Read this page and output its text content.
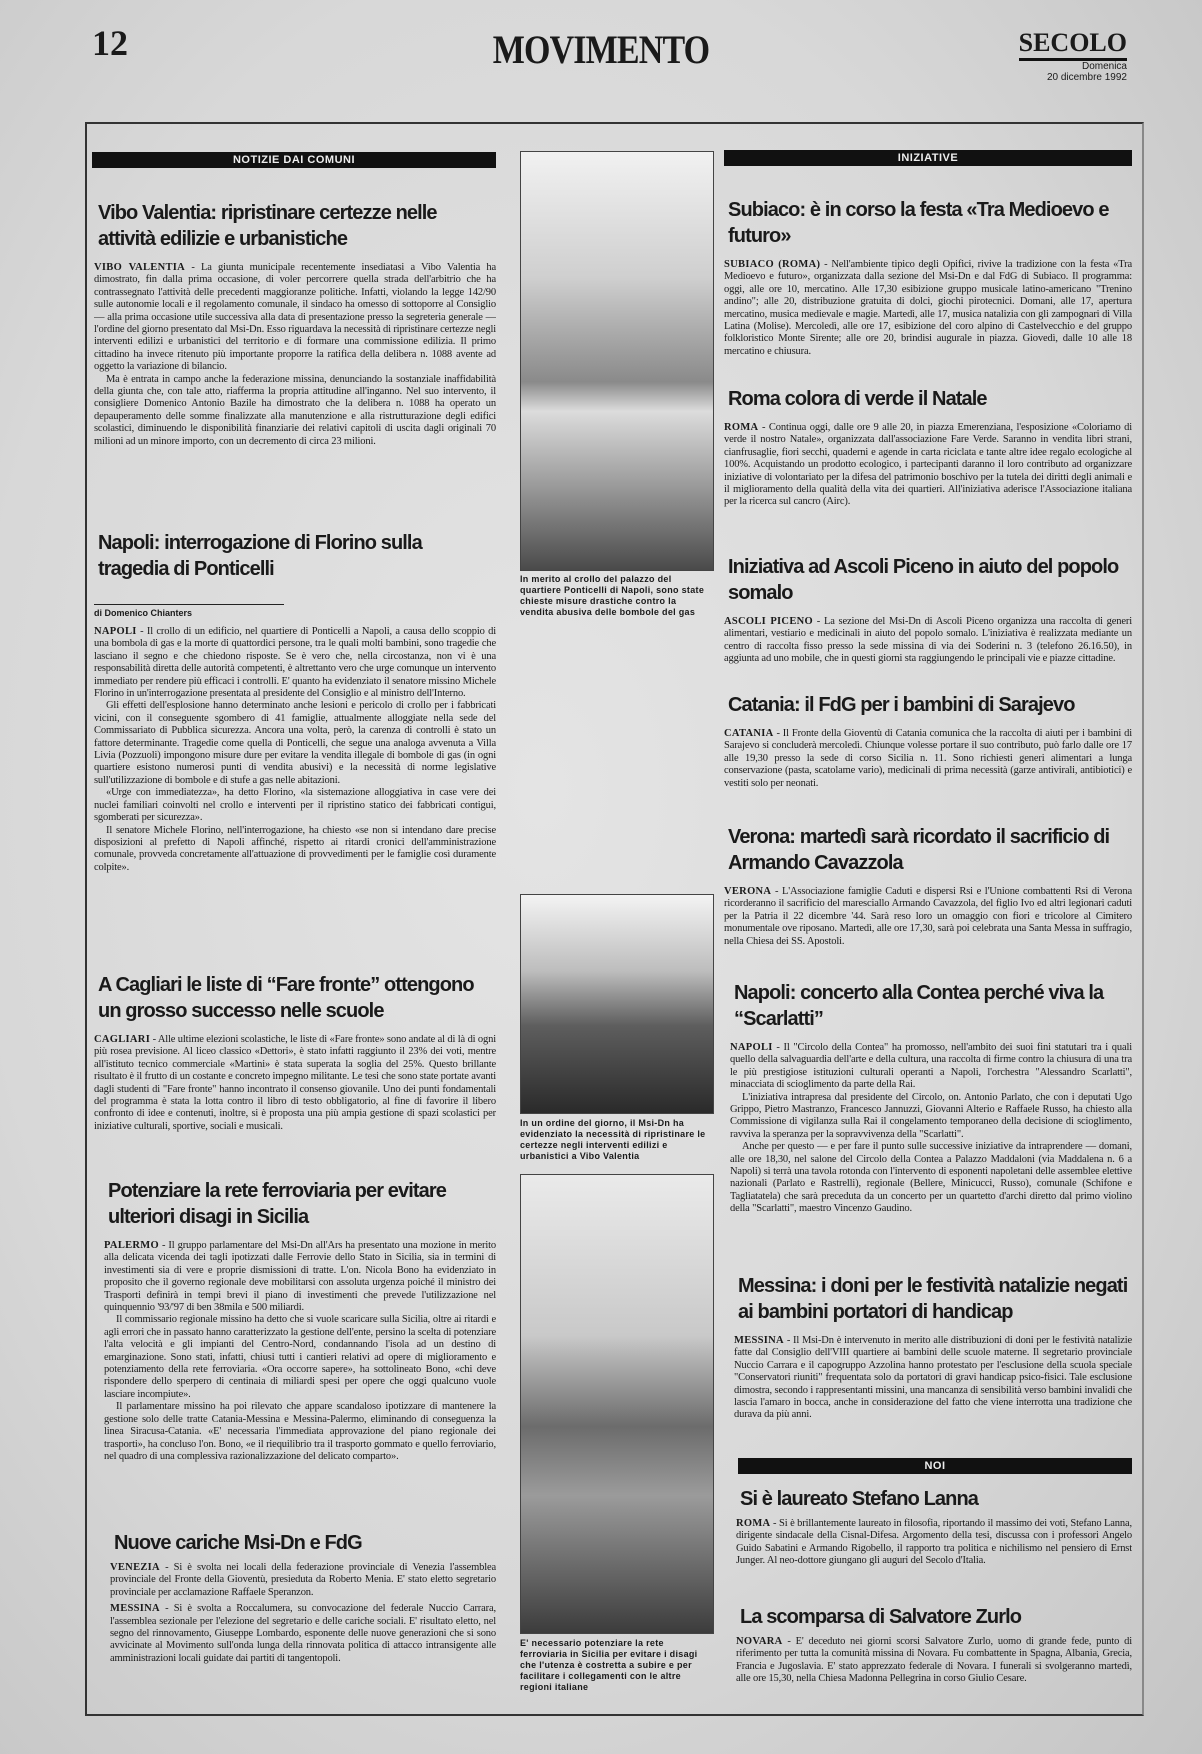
12	MOVIMENTO	SECOLO
Domenica
20 dicembre 1992
NOTIZIE DAI COMUNI
Vibo Valentia: ripristinare certezze nelle attività edilizie e urbanistiche

VIBO VALENTIA - La giunta municipale recentemente insediatasi a Vibo Valentia ha dimostrato, fin dalla prima occasione, di voler percorrere quella strada dell'arbitrio che ha contrassegnato l'attività delle precedenti maggioranze politiche. Infatti, violando la legge 142/90 sulle autonomie locali e il regolamento comunale, il sindaco ha omesso di sottoporre al Consiglio — alla prima occasione utile successiva alla data di presentazione presso la segreteria generale — l'ordine del giorno presentato dal Msi-Dn. Esso riguardava la necessità di ripristinare certezze negli interventi edilizi e urbanistici del territorio e di formare una commissione edilizia. Il primo cittadino ha invece ritenuto più importante proporre la ratifica della delibera n. 1088 avente ad oggetto la variazione di bilancio.

Ma è entrata in campo anche la federazione missina, denunciando la sostanziale inaffidabilità della giunta che, con tale atto, riafferma la propria attitudine all'inganno. Nel suo intervento, il consigliere Domenico Antonio Bazile ha dimostrato che la delibera n. 1088 ha operato un depauperamento delle somme finalizzate alla manutenzione e alla ristrutturazione degli edifici scolastici, diminuendo le disponibilità finanziarie dei relativi capitoli di uscita dagli originali 70 milioni ad un minore importo, con un decremento di circa 23 milioni.

Napoli: interrogazione di Florino sulla tragedia di Ponticelli
di Domenico Chianters

NAPOLI - Il crollo di un edificio, nel quartiere di Ponticelli a Napoli, a causa dello scoppio di una bombola di gas e la morte di quattordici persone, tra le quali molti bambini, sono tragedie che lasciano il segno e che chiedono risposte. Se è vero che, nella circostanza, non vi è una responsabilità diretta delle autorità competenti, è altrettanto vero che urge comunque un intervento immediato per rendere più efficaci i controlli. E' quanto ha evidenziato il senatore missino Michele Florino in un'interrogazione presentata al presidente del Consiglio e al ministro dell'Interno.

Gli effetti dell'esplosione hanno determinato anche lesioni e pericolo di crollo per i fabbricati vicini, con il conseguente sgombero di 41 famiglie, attualmente alloggiate nella sede del Commissariato di Pubblica sicurezza. Ancora una volta, però, la carenza di controlli è stato un fattore determinante. Tragedie come quella di Ponticelli, che segue una analoga avvenuta a Villa Livia (Pozzuoli) impongono misure dure per evitare la vendita illegale di bombole di gas (in ogni quartiere esistono numerosi punti di vendita abusivi) e la necessità di norme legislative sull'utilizzazione di bombole e di stufe a gas nelle abitazioni.

«Urge con immediatezza», ha detto Florino, «la sistemazione alloggiativa in case vere dei nuclei familiari coinvolti nel crollo e interventi per il ripristino statico dei fabbricati contigui, sgomberati per sicurezza».

Il senatore Michele Florino, nell'interrogazione, ha chiesto «se non si intendano dare precise disposizioni al prefetto di Napoli affinché, rispetto ai ritardi cronici dell'amministrazione comunale, provveda concretamente all'attuazione di provvedimenti per le famiglie così duramente colpite».

A Cagliari le liste di “Fare fronte” ottengono un grosso successo nelle scuole

CAGLIARI - Alle ultime elezioni scolastiche, le liste di «Fare fronte» sono andate al di là di ogni più rosea previsione. Al liceo classico «Dettori», è stato infatti raggiunto il 23% dei voti, mentre all'istituto tecnico commerciale «Martini» è stata superata la soglia del 25%. Questo brillante risultato è il frutto di un costante e concreto impegno militante. Le tesi che sono state portate avanti dagli studenti di "Fare fronte" hanno incontrato il consenso giovanile. Uno dei punti fondamentali del programma è stata la lotta contro il libro di testo obbligatorio, al fine di favorire il libero confronto di idee e contenuti, inoltre, si è proposta una più ampia gestione di spazi scolastici per iniziative culturali, sportive, sociali e musicali.

Potenziare la rete ferroviaria per evitare ulteriori disagi in Sicilia

PALERMO - Il gruppo parlamentare del Msi-Dn all'Ars ha presentato una mozione in merito alla delicata vicenda dei tagli ipotizzati dalle Ferrovie dello Stato in Sicilia, sia in termini di investimenti sia di vere e proprie dismissioni di tratte. L'on. Nicola Bono ha evidenziato in proposito che il governo regionale deve mobilitarsi con assoluta urgenza poiché il ministro dei Trasporti definirà in tempi brevi il piano di investimenti che prevede l'utilizzazione nel quinquennio '93/'97 di ben 38mila e 500 miliardi.

Il commissario regionale missino ha detto che si vuole scaricare sulla Sicilia, oltre ai ritardi e agli errori che in passato hanno caratterizzato la gestione dell'ente, persino la scelta di potenziare l'alta velocità e gli impianti del Centro-Nord, condannando l'isola ad un destino di emarginazione. Sono stati, infatti, chiusi tutti i cantieri relativi ad opere di miglioramento e potenziamento della rete ferroviaria. «Ora occorre sapere», ha sottolineato Bono, «chi deve rispondere dello sperpero di centinaia di miliardi spesi per opere che oggi qualcuno vuole lasciare incompiute».

Il parlamentare missino ha poi rilevato che appare scandaloso ipotizzare di mantenere la gestione solo delle tratte Catania-Messina e Messina-Palermo, eliminando di conseguenza la linea Siracusa-Catania. «E' necessaria l'immediata approvazione del piano regionale dei trasporti», ha concluso l'on. Bono, «e il riequilibrio tra il trasporto gommato e quello ferroviario, nel quadro di una complessiva razionalizzazione del delicato comparto».

Nuove cariche Msi-Dn e FdG

VENEZIA - Si è svolta nei locali della federazione provinciale di Venezia l'assemblea provinciale del Fronte della Gioventù, presieduta da Roberto Menia. E' stato eletto segretario provinciale per acclamazione Raffaele Speranzon.

MESSINA - Si è svolta a Roccalumera, su convocazione del federale Nuccio Carrara, l'assemblea sezionale per l'elezione del segretario e delle cariche sociali. E' risultato eletto, nel segno del rinnovamento, Giuseppe Lombardo, esponente delle nuove generazioni che si sono avvicinate al Movimento sull'onda lunga della rinnovata politica di attacco intransigente alle amministrazioni locali guidate dai partiti di tangentopoli.

In merito al crollo del palazzo del quartiere Ponticelli di Napoli, sono state chieste misure drastiche contro la vendita abusiva delle bombole del gas
In un ordine del giorno, il Msi-Dn ha evidenziato la necessità di ripristinare le certezze negli interventi edilizi e urbanistici a Vibo Valentia
E' necessario potenziare la rete ferroviaria in Sicilia per evitare i disagi che l'utenza è costretta a subire e per facilitare i collegamenti con le altre regioni italiane
INIZIATIVE
Subiaco: è in corso la festa «Tra Medioevo e futuro»

SUBIACO (ROMA) - Nell'ambiente tipico degli Opifici, rivive la tradizione con la festa «Tra Medioevo e futuro», organizzata dalla sezione del Msi-Dn e dal FdG di Subiaco. Il programma: oggi, alle ore 10, mercatino. Alle 17,30 esibizione gruppo musicale latino-americano "Trenino andino"; alle 20, distribuzione gratuita di dolci, giochi pirotecnici. Domani, alle 17, apertura mercatino, musica medievale e magie. Martedì, alle 17, musica natalizia con gli zampognari di Villa Latina (Molise). Mercoledì, alle ore 17, esibizione del coro alpino di Castelvecchio e del gruppo folkloristico Monte Sirente; alle ore 20, brindisi augurale in piazza. Giovedì, dalle 10 alle 18 mercatino e chiusura.

Roma colora di verde il Natale

ROMA - Continua oggi, dalle ore 9 alle 20, in piazza Emerenziana, l'esposizione «Coloriamo di verde il nostro Natale», organizzata dall'associazione Fare Verde. Saranno in vendita libri strani, cianfrusaglie, fiori secchi, quaderni e agende in carta riciclata e tante altre idee regalo ecologiche al 100%. Acquistando un prodotto ecologico, i partecipanti daranno il loro contributo ad organizzare iniziative di volontariato per la difesa del patrimonio boschivo per la tutela dei diritti degli animali e il miglioramento della qualità della vita dei quartieri. All'iniziativa aderisce l'Associazione italiana per la ricerca sul cancro (Airc).

Iniziativa ad Ascoli Piceno in aiuto del popolo somalo

ASCOLI PICENO - La sezione del Msi-Dn di Ascoli Piceno organizza una raccolta di generi alimentari, vestiario e medicinali in aiuto del popolo somalo. L'iniziativa è realizzata mediante un centro di raccolta fisso presso la sede missina di via dei Soderini n. 3 (telefono 26.16.50), in aggiunta ad uno mobile, che in questi giorni sta raggiungendo le principali vie e piazze cittadine.

Catania: il FdG per i bambini di Sarajevo

CATANIA - Il Fronte della Gioventù di Catania comunica che la raccolta di aiuti per i bambini di Sarajevo si concluderà mercoledì. Chiunque volesse portare il suo contributo, può farlo dalle ore 17 alle 19,30 presso la sede di corso Sicilia n. 11. Sono richiesti generi alimentari a lunga conservazione (pasta, scatolame vario), medicinali di prima necessità (garze antivirali, antibiotici) e vestiti solo per neonati.

Verona: martedì sarà ricordato il sacrificio di Armando Cavazzola

VERONA - L'Associazione famiglie Caduti e dispersi Rsi e l'Unione combattenti Rsi di Verona ricorderanno il sacrificio del maresciallo Armando Cavazzola, del figlio Ivo ed altri legionari caduti per la Patria il 22 dicembre '44. Sarà reso loro un omaggio con fiori e tricolore al Cimitero monumentale ove riposano. Martedì, alle ore 17,30, sarà poi celebrata una Santa Messa in suffragio, nella Chiesa dei SS. Apostoli.

Napoli: concerto alla Contea perché viva la “Scarlatti”

NAPOLI - Il "Circolo della Contea" ha promosso, nell'ambito dei suoi fini statutari tra i quali quello della salvaguardia dell'arte e della cultura, una raccolta di firme contro la chiusura di una tra le più prestigiose istituzioni culturali operanti a Napoli, l'orchestra "Alessandro Scarlatti", minacciata di scioglimento da parte della Rai.

L'iniziativa intrapresa dal presidente del Circolo, on. Antonio Parlato, che con i deputati Ugo Grippo, Pietro Mastranzo, Francesco Jannuzzi, Giovanni Alterio e Raffaele Russo, ha chiesto alla Commissione di vigilanza sulla Rai il congelamento temporaneo della decisione di scioglimento, ravviva la speranza per la sopravvivenza della "Scarlatti".

Anche per questo — e per fare il punto sulle successive iniziative da intraprendere — domani, alle ore 18,30, nel salone del Circolo della Contea a Palazzo Maddaloni (via Maddalena n. 6 a Napoli) si terrà una tavola rotonda con l'intervento di esponenti napoletani delle assemblee elettive nazionali (Parlato e Rastrelli), regionale (Bellere, Minicucci, Russo), comunale (Schifone e Tagliatatela) che sarà preceduta da un concerto per un quartetto d'archi diretto dal primo violino della "Scarlatti", maestro Vincenzo Gaudino.

Messina: i doni per le festività natalizie negati ai bambini portatori di handicap

MESSINA - Il Msi-Dn è intervenuto in merito alle distribuzioni di doni per le festività natalizie fatte dal Consiglio dell'VIII quartiere ai bambini delle scuole materne. Il segretario provinciale Nuccio Carrara e il capogruppo Azzolina hanno protestato per l'esclusione della scuola speciale "Conservatori riuniti" frequentata solo da portatori di gravi handicap psico-fisici. Tale esclusione dimostra, secondo i rappresentanti missini, una mancanza di sensibilità verso bambini invalidi che lascia l'amaro in bocca, anche in considerazione del fatto che viene interrotta una tradizione che durava da più anni.

NOI
Si è laureato Stefano Lanna

ROMA - Si è brillantemente laureato in filosofia, riportando il massimo dei voti, Stefano Lanna, dirigente sindacale della Cisnal-Difesa. Argomento della tesi, discussa con i professori Angelo Guido Sabatini e Armando Rigobello, il rapporto tra politica e nichilismo nel pensiero di Ernst Junger. Al neo-dottore giungano gli auguri del Secolo d'Italia.

La scomparsa di Salvatore Zurlo

NOVARA - E' deceduto nei giorni scorsi Salvatore Zurlo, uomo di grande fede, punto di riferimento per tutta la comunità missina di Novara. Fu combattente in Spagna, Albania, Grecia, Francia e Jugoslavia. E' stato apprezzato federale di Novara. I funerali si svolgeranno martedì, alle ore 15,30, nella Chiesa Madonna Pellegrina in corso Giulio Cesare.
